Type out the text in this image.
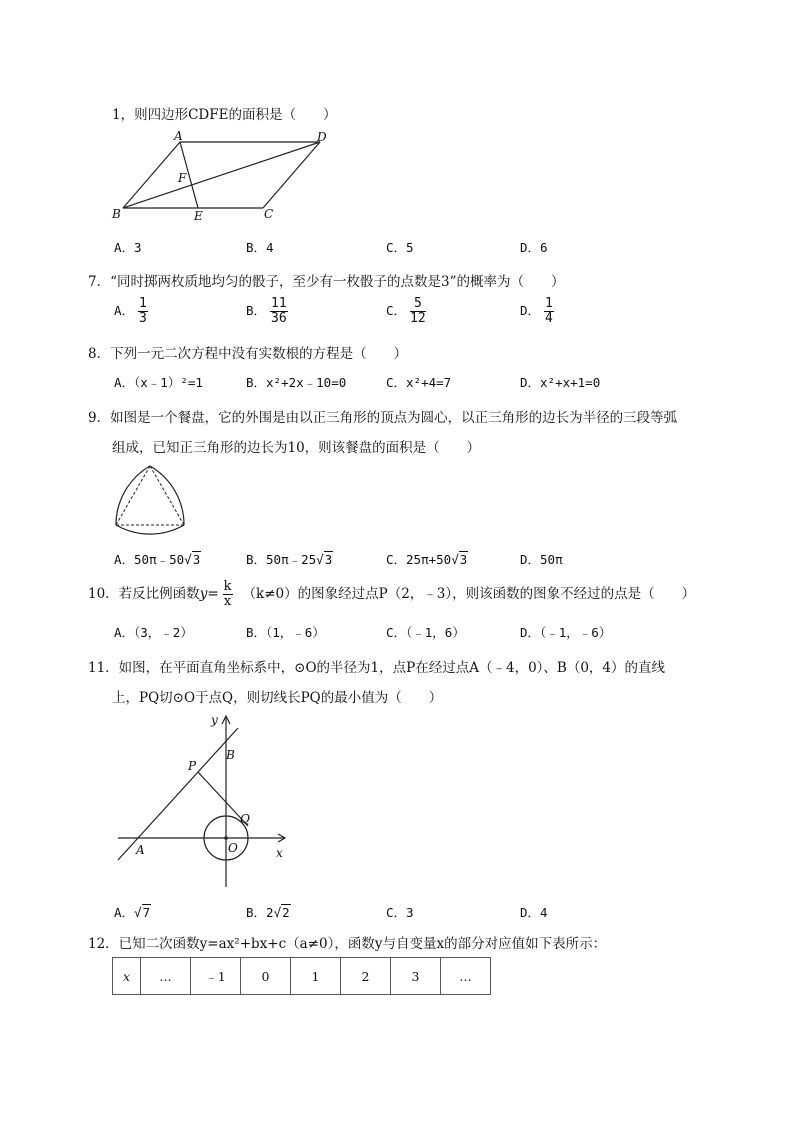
1，则四边形CDFE的面积是（　　）
A	D
F
B	E	C
A．3	B．4	C．5	D．6
7．“同时掷两枚质地均匀的骰子，至少有一枚骰子的点数是3”的概率为（　　）
A． $\frac{1}{3}$	B． $\frac{11}{36}$	C． $\frac{5}{12}$	D． $\frac{1}{4}$
8．下列一元二次方程中没有实数根的方程是（　　）
A．（x﹣1）²=1	B．x²+2x﹣10=0	C．x²+4=7	D．x²+x+1=0
9．如图是一个餐盘，它的外围是由以正三角形的顶点为圆心，以正三角形的边长为半径的三段等弧
组成，已知正三角形的边长为10，则该餐盘的面积是（　　）
A．50π﹣50√3	B．50π﹣25√3	C．25π+50√3	D．50π
10．若反比例函数$y= \frac{k}{x} (k\ne 0)$的图象经过点P（2，﹣3），则该函数的图象不经过的点是（　　）
A．（3，﹣2）	B．（1，﹣6）	C．（﹣1，6）	D．（﹣1，﹣6）
11．如图，在平面直角坐标系中，⊙O的半径为1，点P在经过点A（﹣4，0）、B（0，4）的直线
上，PQ切⊙O于点Q，则切线长PQ的最小值为（　　）
y
x
B
P
Q
A	O
A．√7	B．2√2	C．3	D．4
12．已知二次函数y=ax²+bx+c（a≠0），函数y与自变量x的部分对应值如下表所示：
x	…	﹣1	0	1	2	3	…
